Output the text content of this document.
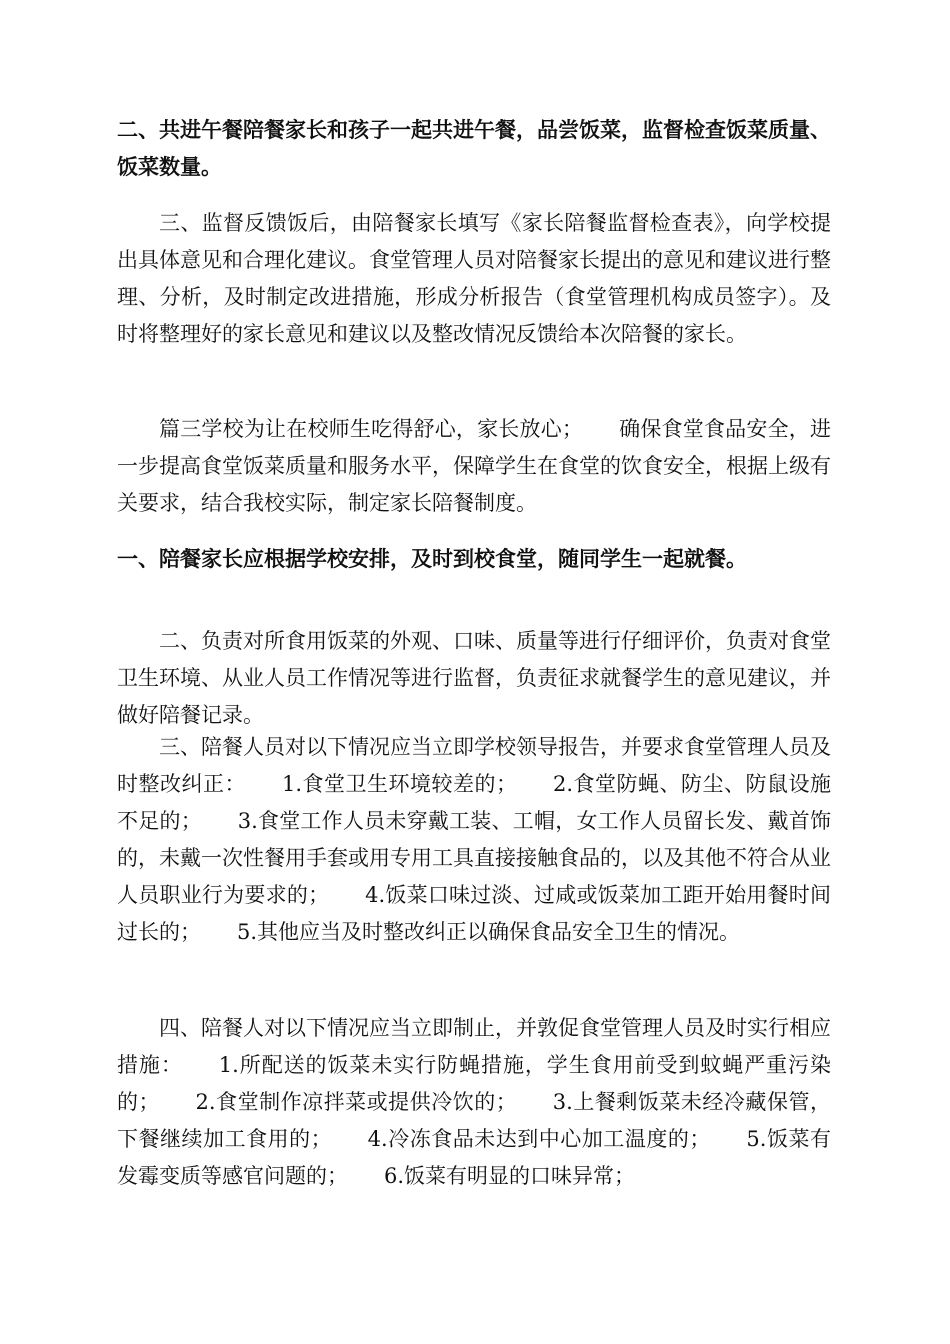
二、共进午餐陪餐家长和孩子一起共进午餐，品尝饭菜，监督检查饭菜质量、饭菜数量。

三、监督反馈饭后，由陪餐家长填写《家长陪餐监督检查表》，向学校提出具体意见和合理化建议。食堂管理人员对陪餐家长提出的意见和建议进行整理、分析，及时制定改进措施，形成分析报告（食堂管理机构成员签字）。及时将整理好的家长意见和建议以及整改情况反馈给本次陪餐的家长。

篇三学校为让在校师生吃得舒心，家长放心； 确保食堂食品安全，进一步提高食堂饭菜质量和服务水平，保障学生在食堂的饮食安全，根据上级有关要求，结合我校实际，制定家长陪餐制度。

一、陪餐家长应根据学校安排，及时到校食堂，随同学生一起就餐。

二、负责对所食用饭菜的外观、口味、质量等进行仔细评价，负责对食堂卫生环境、从业人员工作情况等进行监督，负责征求就餐学生的意见建议，并做好陪餐记录。

三、陪餐人员对以下情况应当立即学校领导报告，并要求食堂管理人员及时整改纠正： 1.食堂卫生环境较差的； 2.食堂防蝇、防尘、防鼠设施不足的； 3.食堂工作人员未穿戴工装、工帽，女工作人员留长发、戴首饰的，未戴一次性餐用手套或用专用工具直接接触食品的，以及其他不符合从业人员职业行为要求的； 4.饭菜口味过淡、过咸或饭菜加工距开始用餐时间过长的； 5.其他应当及时整改纠正以确保食品安全卫生的情况。

四、陪餐人对以下情况应当立即制止，并敦促食堂管理人员及时实行相应措施： 1.所配送的饭菜未实行防蝇措施，学生食用前受到蚊蝇严重污染的； 2.食堂制作凉拌菜或提供冷饮的； 3.上餐剩饭菜未经冷藏保管，下餐继续加工食用的； 4.冷冻食品未达到中心加工温度的； 5.饭菜有发霉变质等感官问题的； 6.饭菜有明显的口味异常；
